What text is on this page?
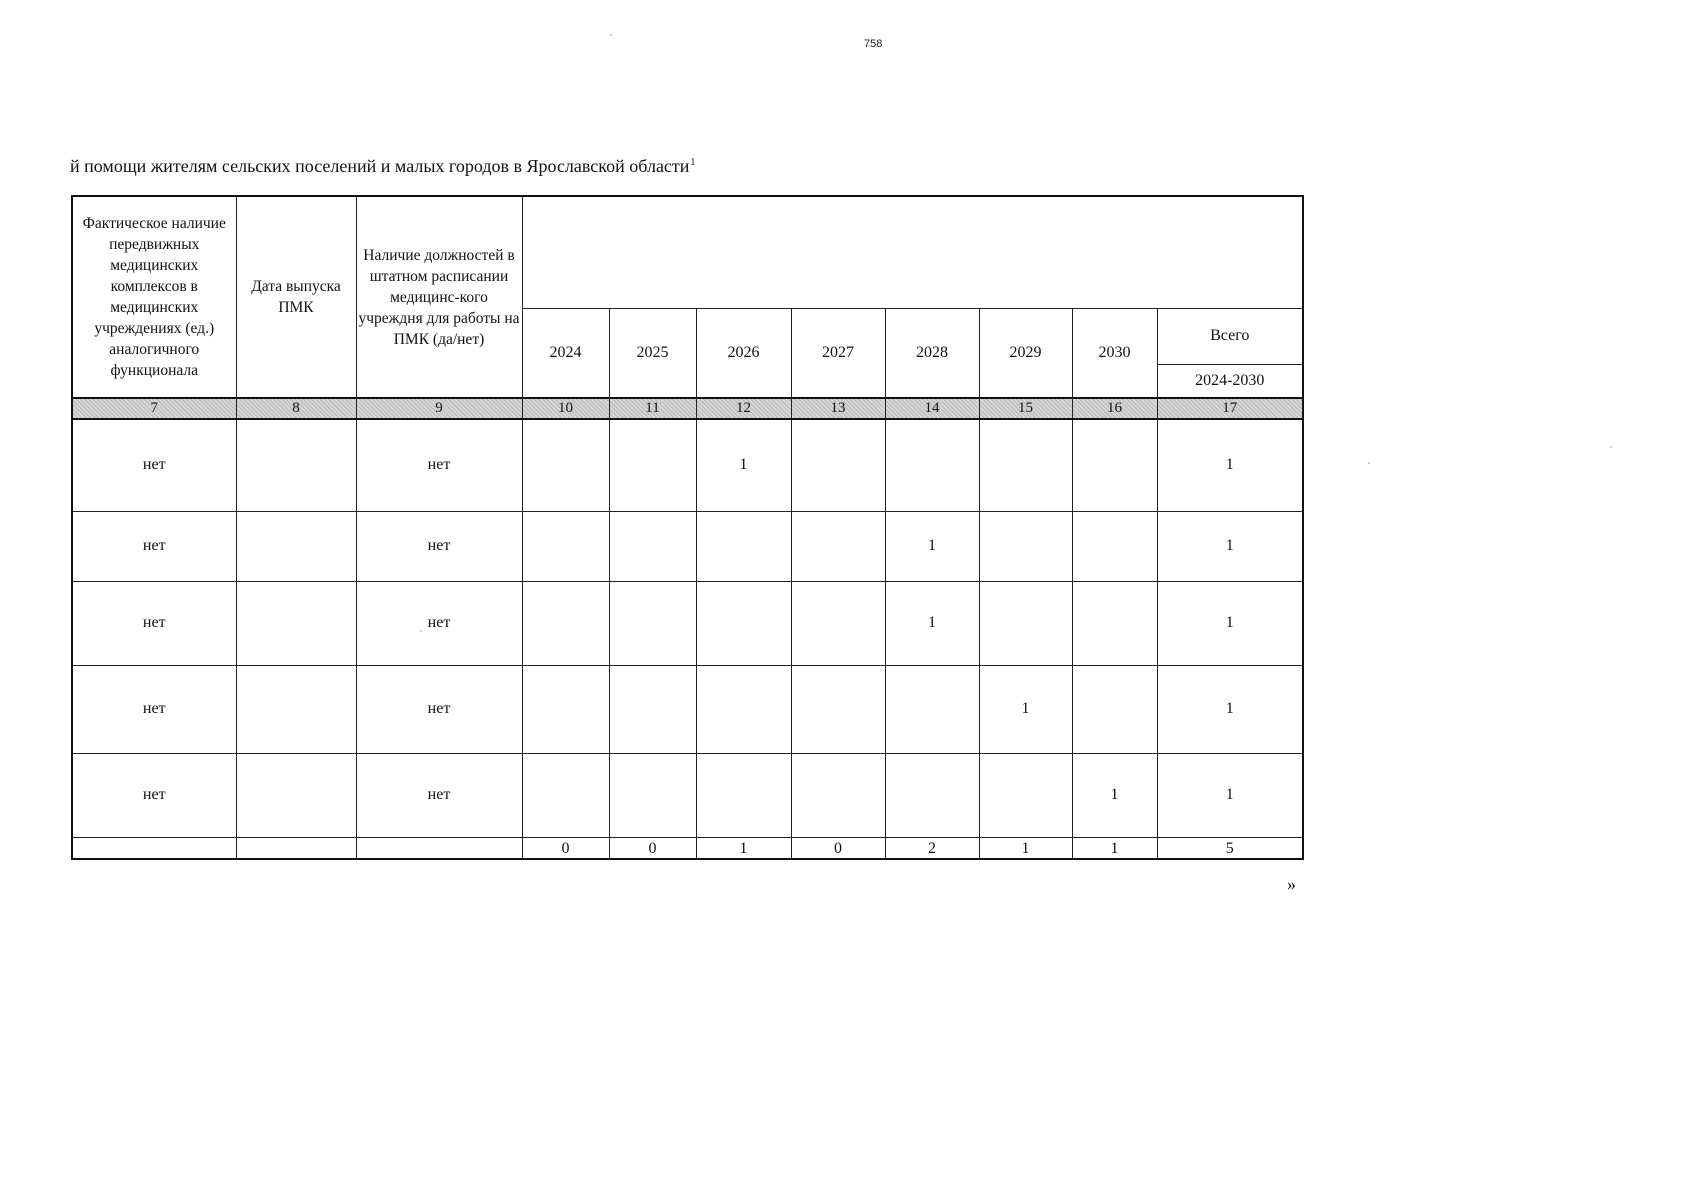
758
й помощи жителям сельских поселений и малых городов в Ярославской области$^1$
Фактическое наличие передвижных медицинских комплексов в медицинских учреждениях (ед.) аналогичного функционала	Дата выпуска ПМК	Наличие должностей в штатном расписании медицинс-кого учреждня для работы на ПМК (да/нет)								

			2024	2025	2026	2027	2028	2029	2030	Всего
										2024-2030
7	8	9	10	11	12	13	14	15	16	17
нет		нет			1					1
нет		нет					1			1
нет		нет					1			1
нет		нет						1		1
нет		нет							1	1
			0	0	1	0	2	1	1	5
»
